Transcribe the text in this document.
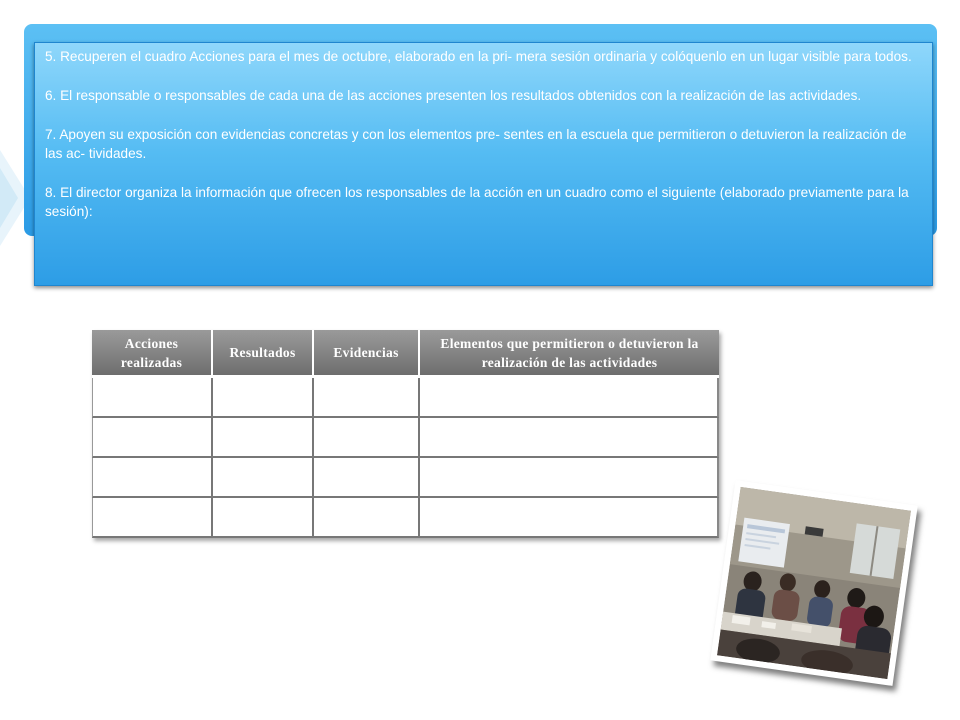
5. Recuperen el cuadro Acciones para el mes de octubre, elaborado en la pri- mera sesión ordinaria y colóquenlo en un lugar visible para todos.

6. El responsable o responsables de cada una de las acciones presenten los resultados obtenidos con la realización de las actividades.

7. Apoyen su exposición con evidencias concretas y con los elementos pre- sentes en la escuela que permitieron o detuvieron la realización de las ac- tividades.

8. El director organiza la información que ofrecen los responsables de la acción en un cuadro como el siguiente (elaborado previamente para la sesión):

Acciones realizadas	Resultados	Evidencias	Elementos que permitieron o detuvieron la realización de las actividades
